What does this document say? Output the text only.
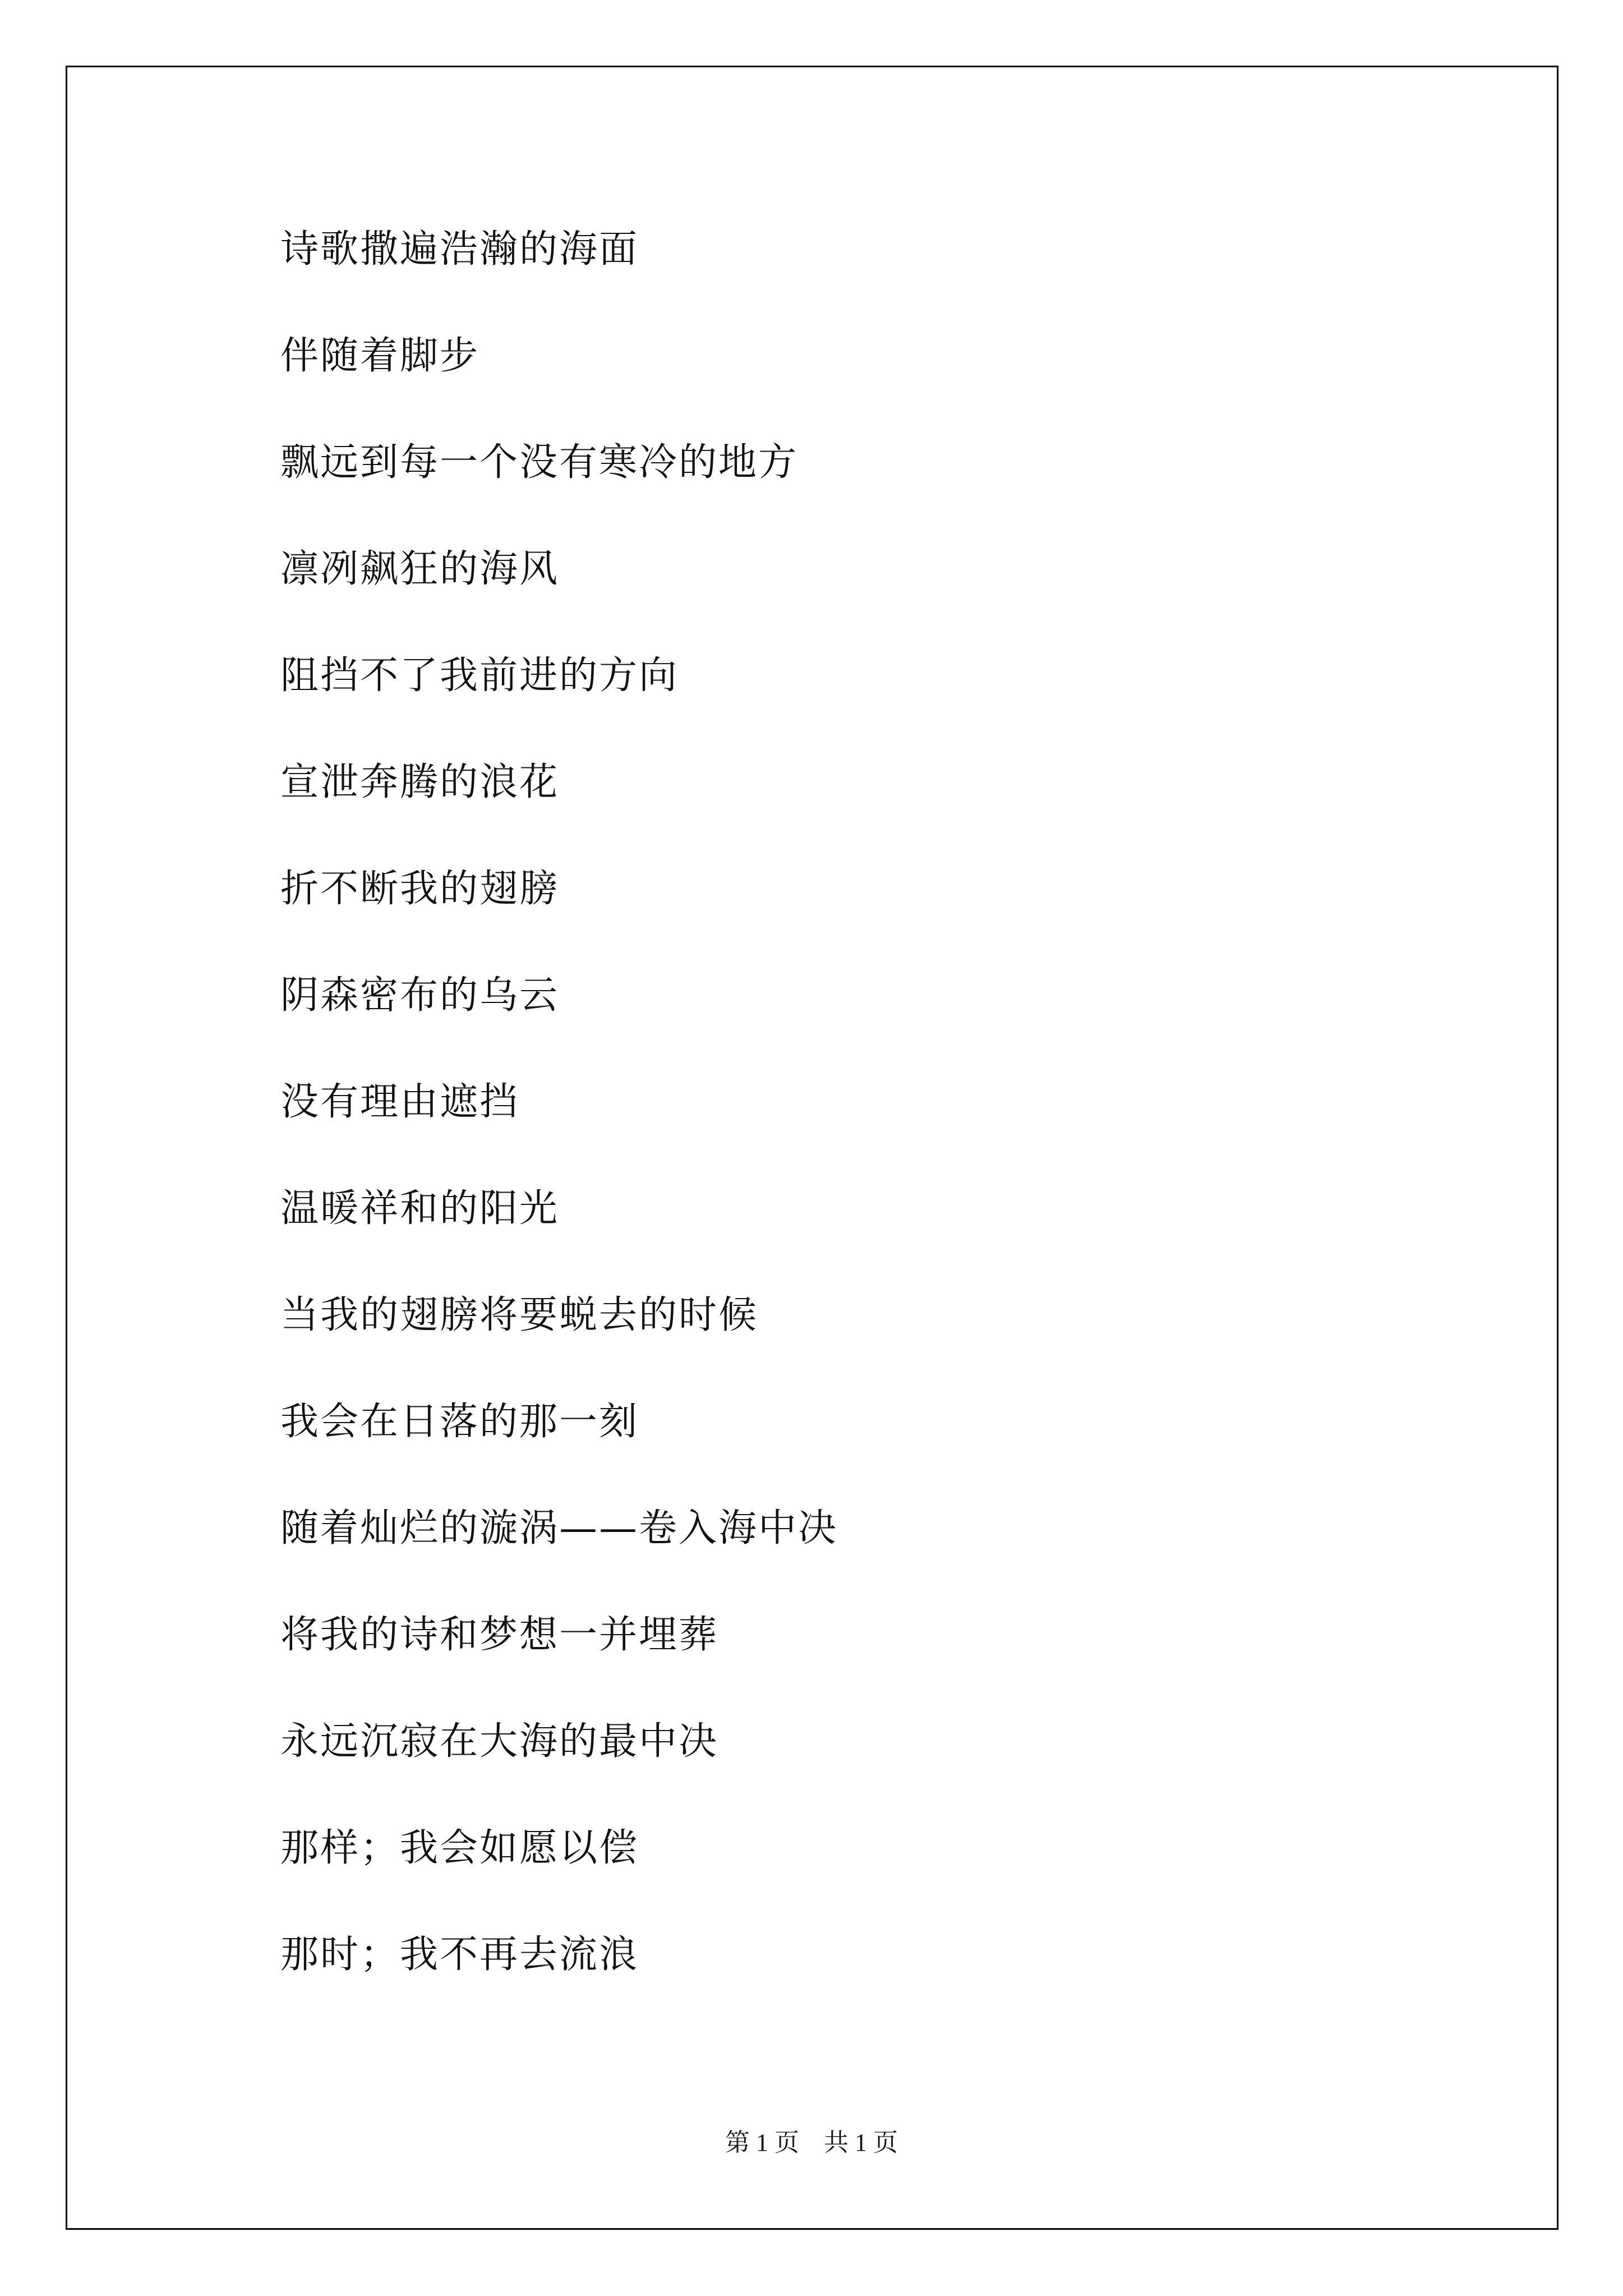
诗歌撒遍浩瀚的海面
伴随着脚步
飘远到每一个没有寒冷的地方
凛冽飙狂的海风
阻挡不了我前进的方向
宣泄奔腾的浪花
折不断我的翅膀
阴森密布的乌云
没有理由遮挡
温暖祥和的阳光
当我的翅膀将要蜕去的时候
我会在日落的那一刻
随着灿烂的漩涡——卷入海中决
将我的诗和梦想一并埋葬
永远沉寂在大海的最中决
那样；我会如愿以偿
那时；我不再去流浪
第 1 页    共 1 页
